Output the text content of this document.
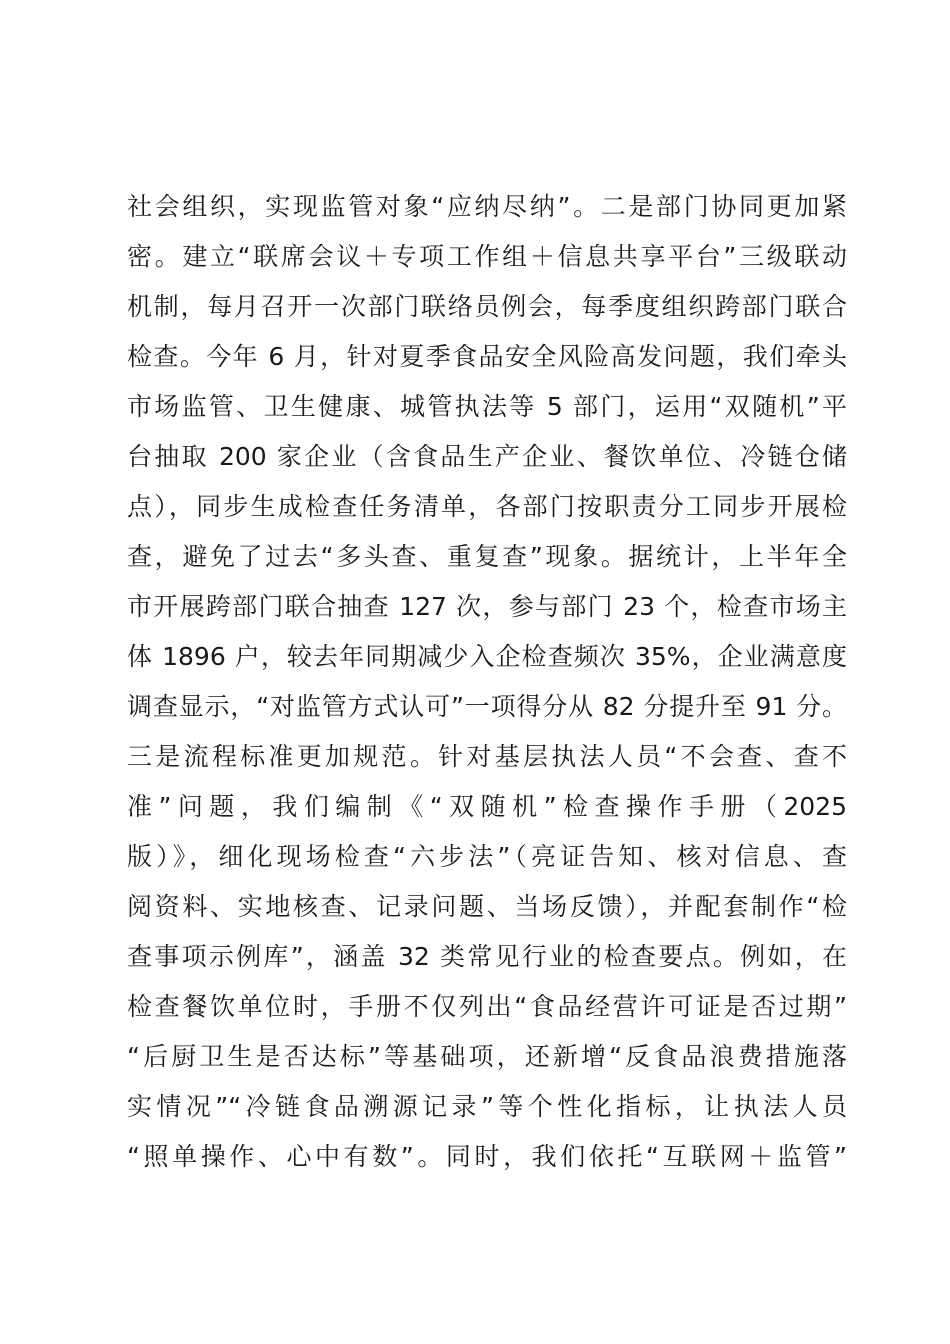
社会组织，实现监管对象“应纳尽纳”。二是部门协同更加紧
密。建立“联席会议＋专项工作组＋信息共享平台”三级联动
机制，每月召开一次部门联络员例会，每季度组织跨部门联合
检查。今年 6 月，针对夏季食品安全风险高发问题，我们牵头
市场监管、卫生健康、城管执法等 5 部门，运用“双随机”平
台抽取 200 家企业（含食品生产企业、餐饮单位、冷链仓储
点），同步生成检查任务清单，各部门按职责分工同步开展检
查，避免了过去“多头查、重复查”现象。据统计，上半年全
市开展跨部门联合抽查 127 次，参与部门 23 个，检查市场主
体 1896 户，较去年同期减少入企检查频次 35%，企业满意度
调查显示，“对监管方式认可”一项得分从 82 分提升至 91 分。
三是流程标准更加规范。针对基层执法人员“不会查、查不
准”问题，我们编制《“双随机”检查操作手册（2025
版）》，细化现场检查“六步法”（亮证告知、核对信息、查
阅资料、实地核查、记录问题、当场反馈），并配套制作“检
查事项示例库”，涵盖 32 类常见行业的检查要点。例如，在
检查餐饮单位时，手册不仅列出“食品经营许可证是否过期”
“后厨卫生是否达标”等基础项，还新增“反食品浪费措施落
实情况”“冷链食品溯源记录”等个性化指标，让执法人员
“照单操作、心中有数”。同时，我们依托“互联网＋监管”
